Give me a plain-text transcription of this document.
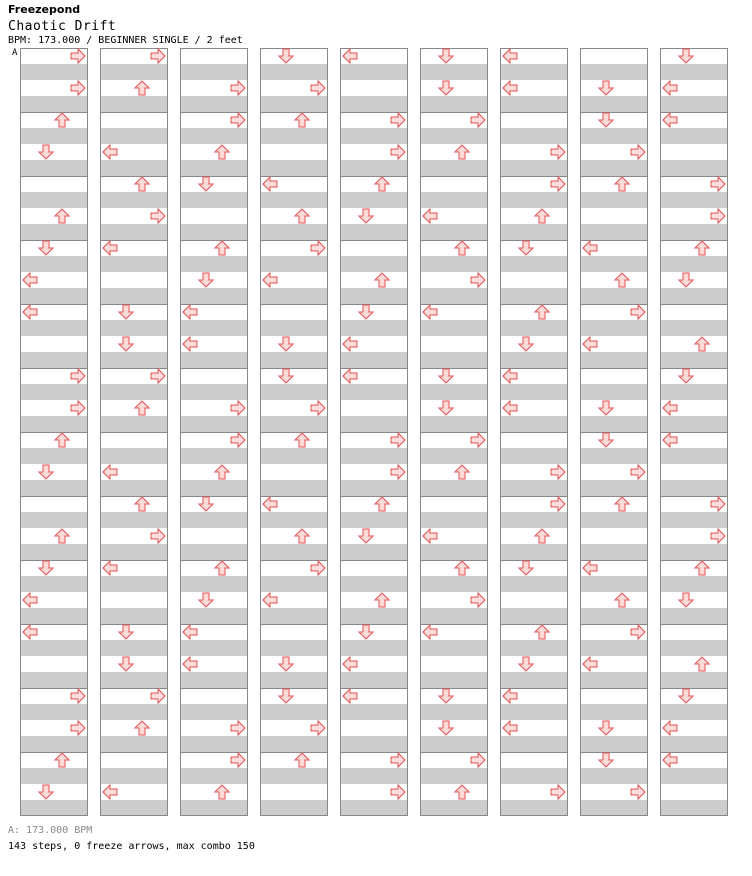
Freezepond
Chaotic Drift
BPM: 173.000 / BEGINNER SINGLE / 2 feet
A
A: 173.000 BPM
143 steps, 0 freeze arrows, max combo 150
